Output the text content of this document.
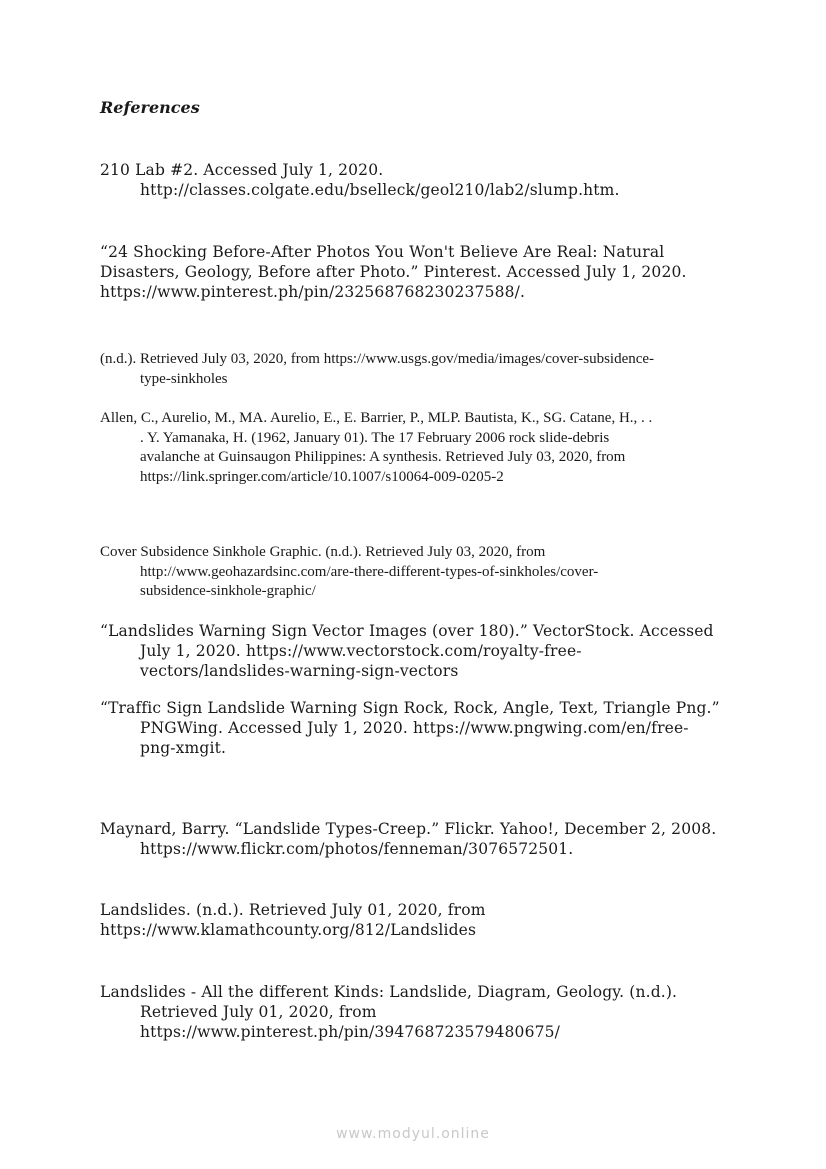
References

210 Lab #2. Accessed July 1, 2020.
http://classes.colgate.edu/bselleck/geol210/lab2/slump.htm.

“24 Shocking Before-After Photos You Won't Believe Are Real: Natural
Disasters, Geology, Before after Photo.” Pinterest. Accessed July 1, 2020.
https://www.pinterest.ph/pin/232568768230237588/.

(n.d.). Retrieved July 03, 2020, from https://www.usgs.gov/media/images/cover-subsidence-
type-sinkholes

Allen, C., Aurelio, M., MA. Aurelio, E., E. Barrier, P., MLP. Bautista, K., SG. Catane, H., . .
. Y. Yamanaka, H. (1962, January 01). The 17 February 2006 rock slide-debris
avalanche at Guinsaugon Philippines: A synthesis. Retrieved July 03, 2020, from
https://link.springer.com/article/10.1007/s10064-009-0205-2

Cover Subsidence Sinkhole Graphic. (n.d.). Retrieved July 03, 2020, from
http://www.geohazardsinc.com/are-there-different-types-of-sinkholes/cover-
subsidence-sinkhole-graphic/

“Landslides Warning Sign Vector Images (over 180).” VectorStock. Accessed
July 1, 2020. https://www.vectorstock.com/royalty-free-
vectors/landslides-warning-sign-vectors

“Traffic Sign Landslide Warning Sign Rock, Rock, Angle, Text, Triangle Png.”
PNGWing. Accessed July 1, 2020. https://www.pngwing.com/en/free-
png-xmgit.

Maynard, Barry. “Landslide Types-Creep.” Flickr. Yahoo!, December 2, 2008.
https://www.flickr.com/photos/fenneman/3076572501.

Landslides. (n.d.). Retrieved July 01, 2020, from
https://www.klamathcounty.org/812/Landslides

Landslides - All the different Kinds: Landslide, Diagram, Geology. (n.d.).
Retrieved July 01, 2020, from
https://www.pinterest.ph/pin/394768723579480675/

www.modyul.online
